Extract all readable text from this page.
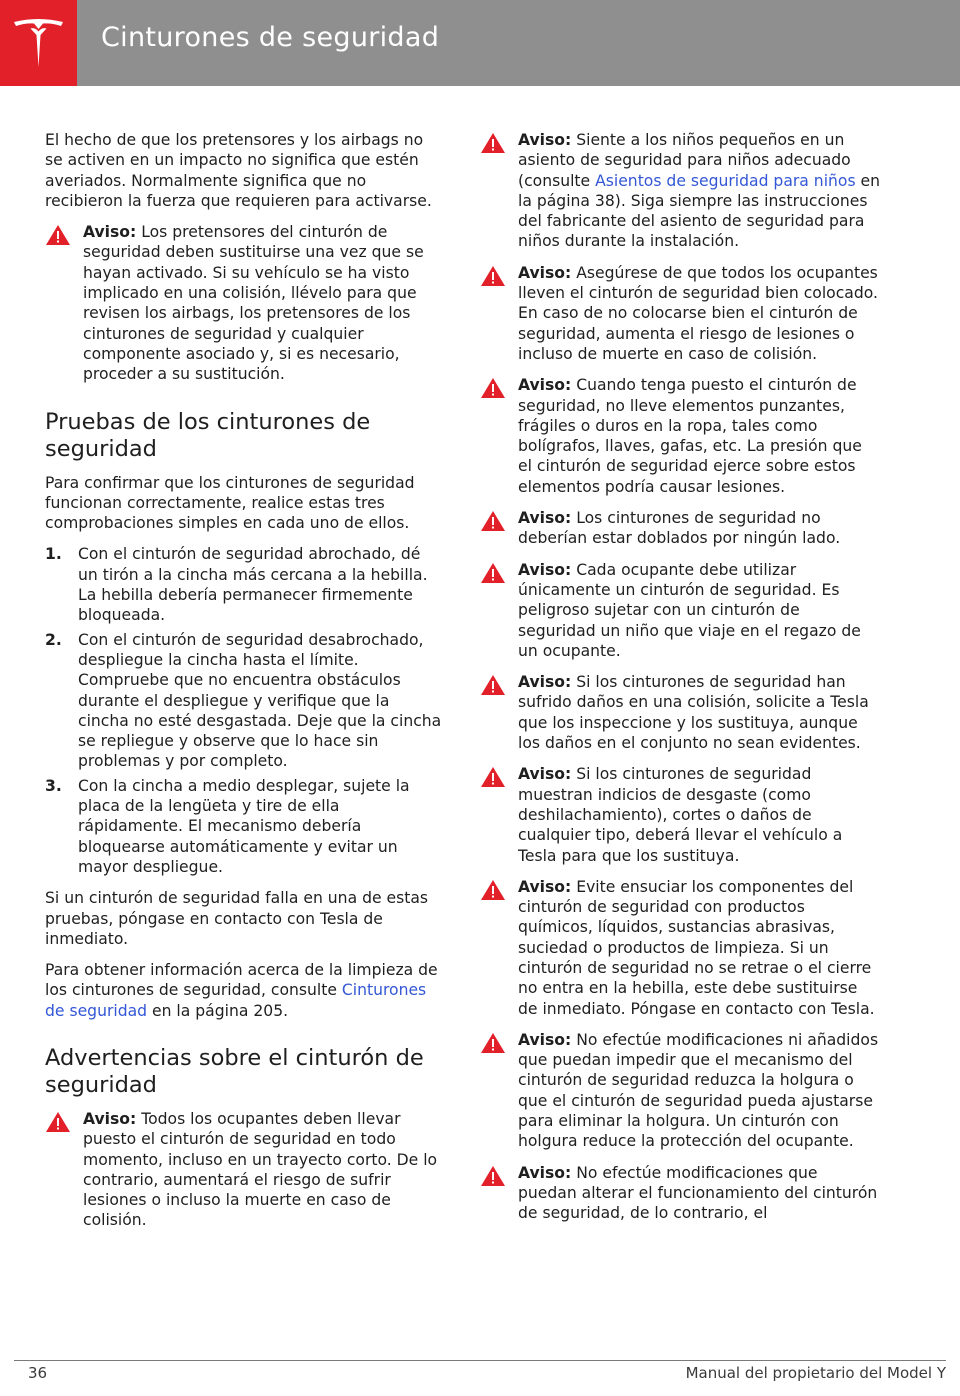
Cinturones de seguridad

El hecho de que los pretensores y los airbags no se activen en un impacto no significa que estén averiados. Normalmente significa que no recibieron la fuerza que requieren para activarse.

Aviso: Los pretensores del cinturón de seguridad deben sustituirse una vez que se hayan activado. Si su vehículo se ha visto implicado en una colisión, llévelo para que revisen los airbags, los pretensores de los cinturones de seguridad y cualquier componente asociado y, si es necesario, proceder a su sustitución.
Pruebas de los cinturones de seguridad

Para confirmar que los cinturones de seguridad funcionan correctamente, realice estas tres comprobaciones simples en cada uno de ellos.

1. Con el cinturón de seguridad abrochado, dé un tirón a la cincha más cercana a la hebilla. La hebilla debería permanecer firmemente bloqueada.
2. Con el cinturón de seguridad desabrochado, despliegue la cincha hasta el límite. Compruebe que no encuentra obstáculos durante el despliegue y verifique que la cincha no esté desgastada. Deje que la cincha se repliegue y observe que lo hace sin problemas y por completo.
3. Con la cincha a medio desplegar, sujete la placa de la lengüeta y tire de ella rápidamente. El mecanismo debería bloquearse automáticamente y evitar un mayor despliegue.

Si un cinturón de seguridad falla en una de estas pruebas, póngase en contacto con Tesla de inmediato.

Para obtener información acerca de la limpieza de los cinturones de seguridad, consulte Cinturones de seguridad en la página 205.

Advertencias sobre el cinturón de seguridad
Aviso: Todos los ocupantes deben llevar puesto el cinturón de seguridad en todo momento, incluso en un trayecto corto. De lo contrario, aumentará el riesgo de sufrir lesiones o incluso la muerte en caso de colisión.
Aviso: Siente a los niños pequeños en un asiento de seguridad para niños adecuado (consulte Asientos de seguridad para niños en la página 38). Siga siempre las instrucciones del fabricante del asiento de seguridad para niños durante la instalación.
Aviso: Asegúrese de que todos los ocupantes lleven el cinturón de seguridad bien colocado. En caso de no colocarse bien el cinturón de seguridad, aumenta el riesgo de lesiones o incluso de muerte en caso de colisión.
Aviso: Cuando tenga puesto el cinturón de seguridad, no lleve elementos punzantes, frágiles o duros en la ropa, tales como bolígrafos, llaves, gafas, etc. La presión que el cinturón de seguridad ejerce sobre estos elementos podría causar lesiones.
Aviso: Los cinturones de seguridad no deberían estar doblados por ningún lado.
Aviso: Cada ocupante debe utilizar únicamente un cinturón de seguridad. Es peligroso sujetar con un cinturón de seguridad un niño que viaje en el regazo de un ocupante.
Aviso: Si los cinturones de seguridad han sufrido daños en una colisión, solicite a Tesla que los inspeccione y los sustituya, aunque los daños en el conjunto no sean evidentes.
Aviso: Si los cinturones de seguridad muestran indicios de desgaste (como deshilachamiento), cortes o daños de cualquier tipo, deberá llevar el vehículo a Tesla para que los sustituya.
Aviso: Evite ensuciar los componentes del cinturón de seguridad con productos químicos, líquidos, sustancias abrasivas, suciedad o productos de limpieza. Si un cinturón de seguridad no se retrae o el cierre no entra en la hebilla, este debe sustituirse de inmediato. Póngase en contacto con Tesla.
Aviso: No efectúe modificaciones ni añadidos que puedan impedir que el mecanismo del cinturón de seguridad reduzca la holgura o que el cinturón de seguridad pueda ajustarse para eliminar la holgura. Un cinturón con holgura reduce la protección del ocupante.
Aviso: No efectúe modificaciones que puedan alterar el funcionamiento del cinturón de seguridad, de lo contrario, el
36	Manual del propietario del Model Y
